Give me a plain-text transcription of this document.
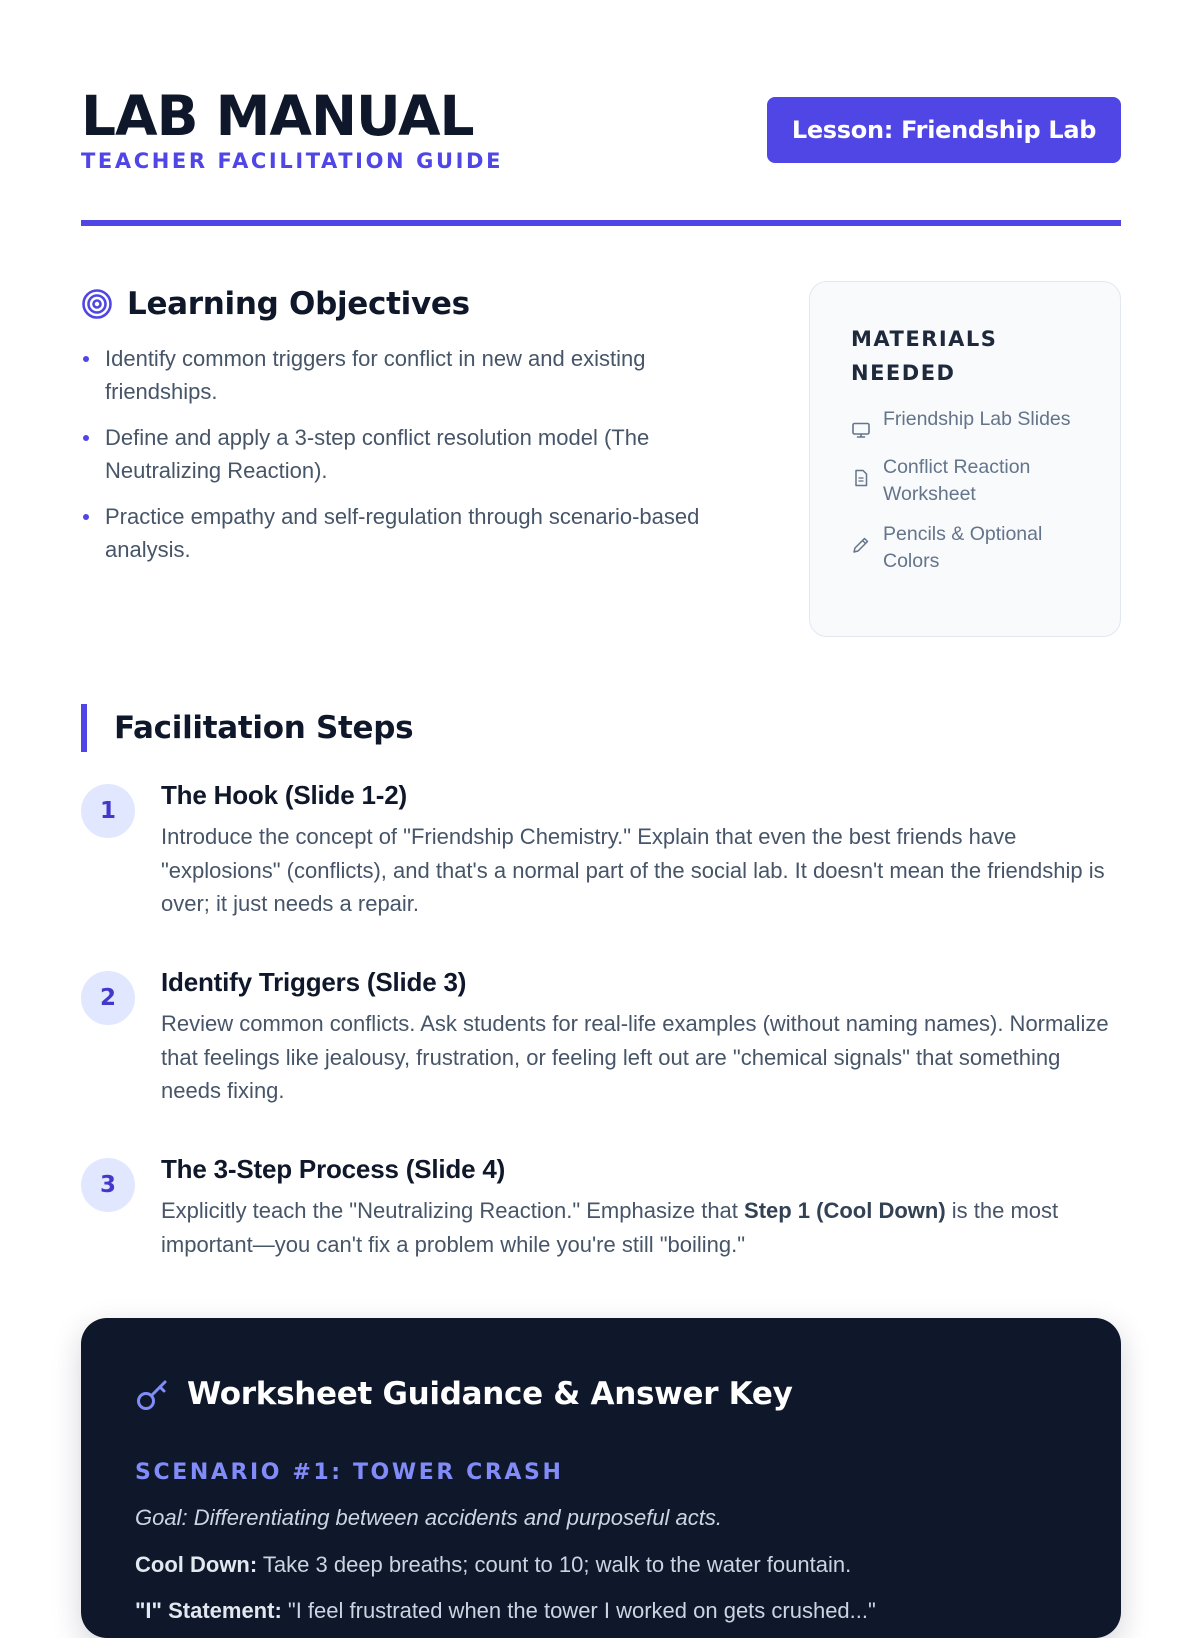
LAB MANUAL
TEACHER FACILITATION GUIDE
Lesson: Friendship Lab
Learning Objectives
Identify common triggers for conflict in new and existing friendships.
Define and apply a 3-step conflict resolution model (The Neutralizing Reaction).
Practice empathy and self-regulation through scenario-based analysis.
MATERIALS NEEDED
Friendship Lab Slides
Conflict Reaction Worksheet
Pencils & Optional Colors
Facilitation Steps
1
The Hook (Slide 1-2)
Introduce the concept of "Friendship Chemistry." Explain that even the best friends have "explosions" (conflicts), and that's a normal part of the social lab. It doesn't mean the friendship is over; it just needs a repair.
2
Identify Triggers (Slide 3)
Review common conflicts. Ask students for real-life examples (without naming names). Normalize that feelings like jealousy, frustration, or feeling left out are "chemical signals" that something needs fixing.
3
The 3-Step Process (Slide 4)
Explicitly teach the "Neutralizing Reaction." Emphasize that Step 1 (Cool Down) is the most important—you can't fix a problem while you're still "boiling."
Worksheet Guidance & Answer Key
SCENARIO #1: TOWER CRASH
Goal: Differentiating between accidents and purposeful acts.
Cool Down: Take 3 deep breaths; count to 10; walk to the water fountain.
"I" Statement: "I feel frustrated when the tower I worked on gets crushed..."
